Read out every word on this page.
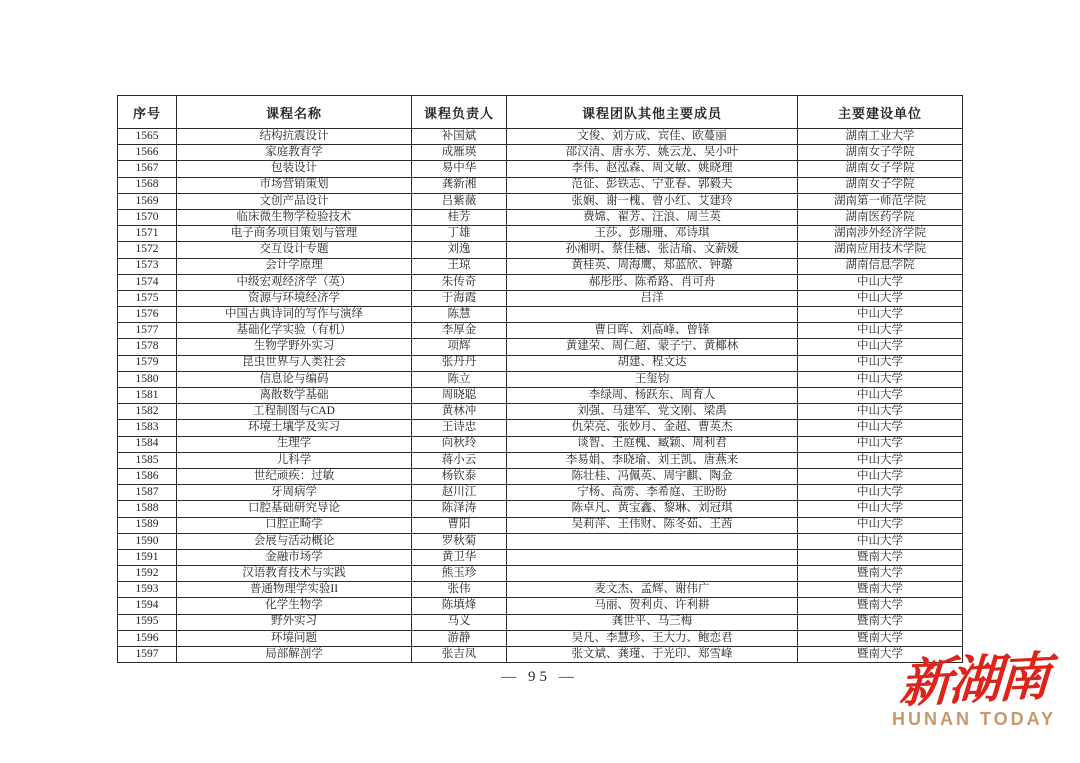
序号	课程名称	课程负责人	课程团队其他主要成员	主要建设单位
1565	结构抗震设计	补国斌	文俊、刘方成、宾佳、欧蔓丽	湖南工业大学
1566	家庭教育学	成雁瑛	邵汉清、唐永芳、姚云龙、吴小叶	湖南女子学院
1567	包装设计	易中华	李伟、赵泓森、周文敏、姚晓理	湖南女子学院
1568	市场营销策划	龚新湘	范征、彭铁志、宁亚春、郭毅夫	湖南女子学院
1569	文创产品设计	吕紫薇	张娴、谢一槐、曾小红、艾建玲	湖南第一师范学院
1570	临床微生物学检验技术	桂芳	费嫦、翟芳、汪浪、周兰英	湖南医药学院
1571	电子商务项目策划与管理	丁雄	王莎、彭珊珊、邓诗琪	湖南涉外经济学院
1572	交互设计专题	刘逸	孙湘明、蔡佳穗、张洁瑜、文薪媛	湖南应用技术学院
1573	会计学原理	王琼	黄桂英、周海鹰、郑蓝欣、钟璐	湖南信息学院
1574	中级宏观经济学（英）	朱传奇	郝彤彤、陈希路、肖可舟	中山大学
1575	资源与环境经济学	于海霞	吕洋	中山大学
1576	中国古典诗词的写作与演绎	陈慧		中山大学
1577	基础化学实验（有机）	李厚金	曹日晖、刘高峰、曾锋	中山大学
1578	生物学野外实习	项辉	黄建荣、周仁超、蒙子宁、黄椰林	中山大学
1579	昆虫世界与人类社会	张丹丹	胡建、程文达	中山大学
1580	信息论与编码	陈立	王玺钧	中山大学
1581	离散数学基础	周晓聪	李绿周、杨跃东、周育人	中山大学
1582	工程制图与CAD	黄林冲	刘强、马建军、党文刚、梁禹	中山大学
1583	环境土壤学及实习	王诗忠	仇荣亮、张妙月、金超、曹英杰	中山大学
1584	生理学	向秋玲	谈智、王庭槐、臧颖、周利君	中山大学
1585	儿科学	蒋小云	李易娟、李晓瑜、刘王凯、唐燕来	中山大学
1586	世纪顽疾：过敏	杨钦泰	陈壮桂、冯佩英、周宇麒、陶金	中山大学
1587	牙周病学	赵川江	宁杨、高雳、李希庭、王盼盼	中山大学
1588	口腔基础研究导论	陈泽涛	陈卓凡、黄宝鑫、黎琳、刘冠琪	中山大学
1589	口腔正畸学	曹阳	吴莉萍、王伟财、陈冬茹、王茜	中山大学
1590	会展与活动概论	罗秋菊		中山大学
1591	金融市场学	黄卫华		暨南大学
1592	汉语教育技术与实践	熊玉珍		暨南大学
1593	普通物理学实验II	张伟	麦文杰、孟辉、谢伟广	暨南大学
1594	化学生物学	陈填烽	马丽、贺利贞、许利耕	暨南大学
1595	野外实习	马义	龚世平、马三梅	暨南大学
1596	环境问题	游静	吴凡、李慧珍、王大力、鲍恋君	暨南大学
1597	局部解剖学	张吉凤	张文斌、龚瑾、于光印、郑雪峰	暨南大学
— 95 —	新湖南
HUNAN TODAY
